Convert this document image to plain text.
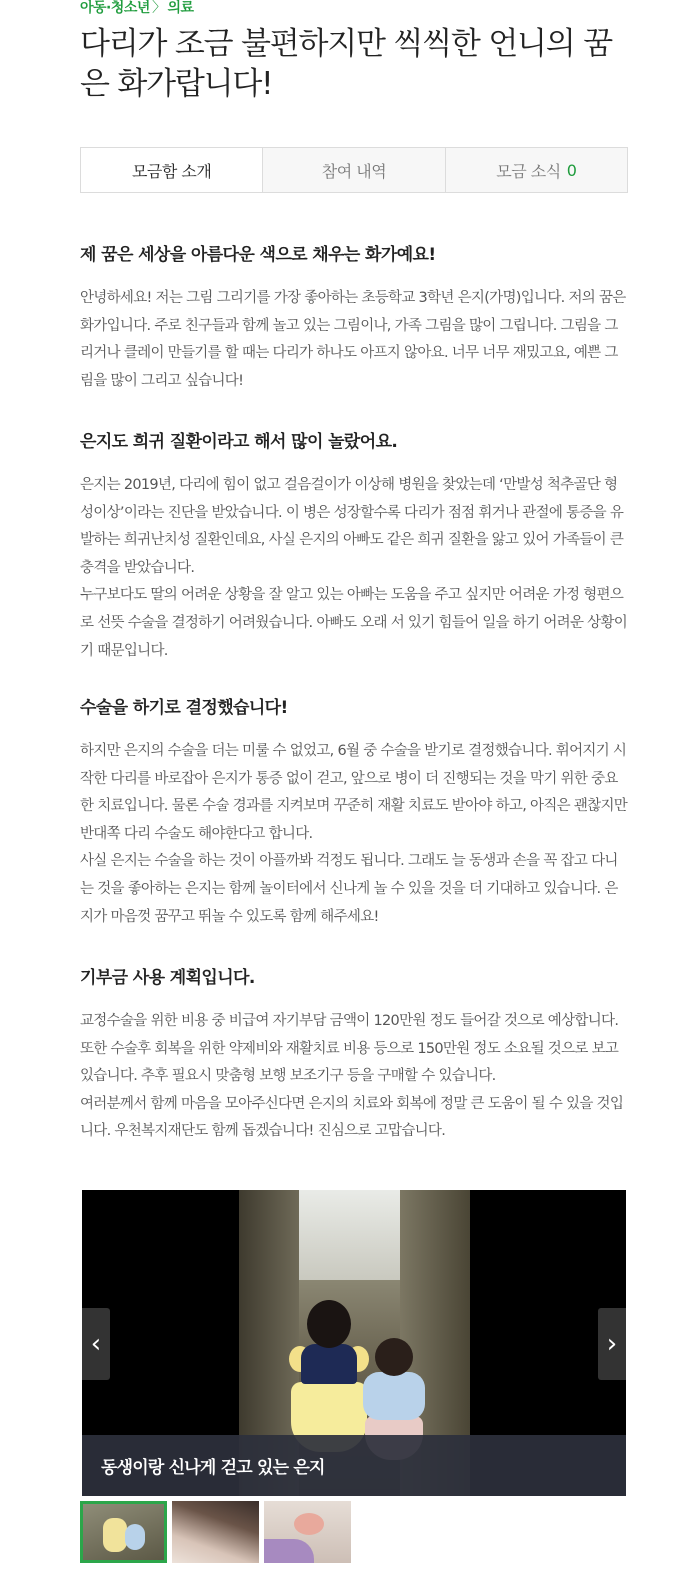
아동·청소년 〉 의료
다리가 조금 불편하지만 씩씩한 언니의 꿈은 화가랍니다!
모금함 소개	참여 내역	모금 소식 0
제 꿈은 세상을 아름다운 색으로 채우는 화가예요!

안녕하세요! 저는 그림 그리기를 가장 좋아하는 초등학교 3학년 은지(가명)입니다. 저의 꿈은 화가입니다. 주로 친구들과 함께 놀고 있는 그림이나, 가족 그림을 많이 그립니다. 그림을 그리거나 클레이 만들기를 할 때는 다리가 하나도 아프지 않아요. 너무 너무 재밌고요, 예쁜 그림을 많이 그리고 싶습니다!

은지도 희귀 질환이라고 해서 많이 놀랐어요.

은지는 2019년, 다리에 힘이 없고 걸음걸이가 이상해 병원을 찾았는데 ‘만발성 척추골단 형성이상’이라는 진단을 받았습니다. 이 병은 성장할수록 다리가 점점 휘거나 관절에 통증을 유발하는 희귀난치성 질환인데요, 사실 은지의 아빠도 같은 희귀 질환을 앓고 있어 가족들이 큰 충격을 받았습니다.

누구보다도 딸의 어려운 상황을 잘 알고 있는 아빠는 도움을 주고 싶지만 어려운 가정 형편으로 선뜻 수술을 결정하기 어려웠습니다. 아빠도 오래 서 있기 힘들어 일을 하기 어려운 상황이기 때문입니다.

수술을 하기로 결정했습니다!

하지만 은지의 수술을 더는 미룰 수 없었고, 6월 중 수술을 받기로 결정했습니다. 휘어지기 시작한 다리를 바로잡아 은지가 통증 없이 걷고, 앞으로 병이 더 진행되는 것을 막기 위한 중요한 치료입니다. 물론 수술 경과를 지켜보며 꾸준히 재활 치료도 받아야 하고, 아직은 괜찮지만 반대쪽 다리 수술도 해야한다고 합니다.

사실 은지는 수술을 하는 것이 아플까봐 걱정도 됩니다. 그래도 늘 동생과 손을 꼭 잡고 다니는 것을 좋아하는 은지는 함께 놀이터에서 신나게 놀 수 있을 것을 더 기대하고 있습니다. 은지가 마음껏 꿈꾸고 뛰놀 수 있도록 함께 해주세요!

기부금 사용 계획입니다.

교정수술을 위한 비용 중 비급여 자기부담 금액이 120만원 정도 들어갈 것으로 예상합니다. 또한 수술후 회복을 위한 약제비와 재활치료 비용 등으로 150만원 정도 소요될 것으로 보고 있습니다. 추후 필요시 맞춤형 보행 보조기구 등을 구매할 수 있습니다.

여러분께서 함께 마음을 모아주신다면 은지의 치료와 회복에 정말 큰 도움이 될 수 있을 것입니다. 우천복지재단도 함께 돕겠습니다! 진심으로 고맙습니다.

‹	›
동생이랑 신나게 걷고 있는 은지
